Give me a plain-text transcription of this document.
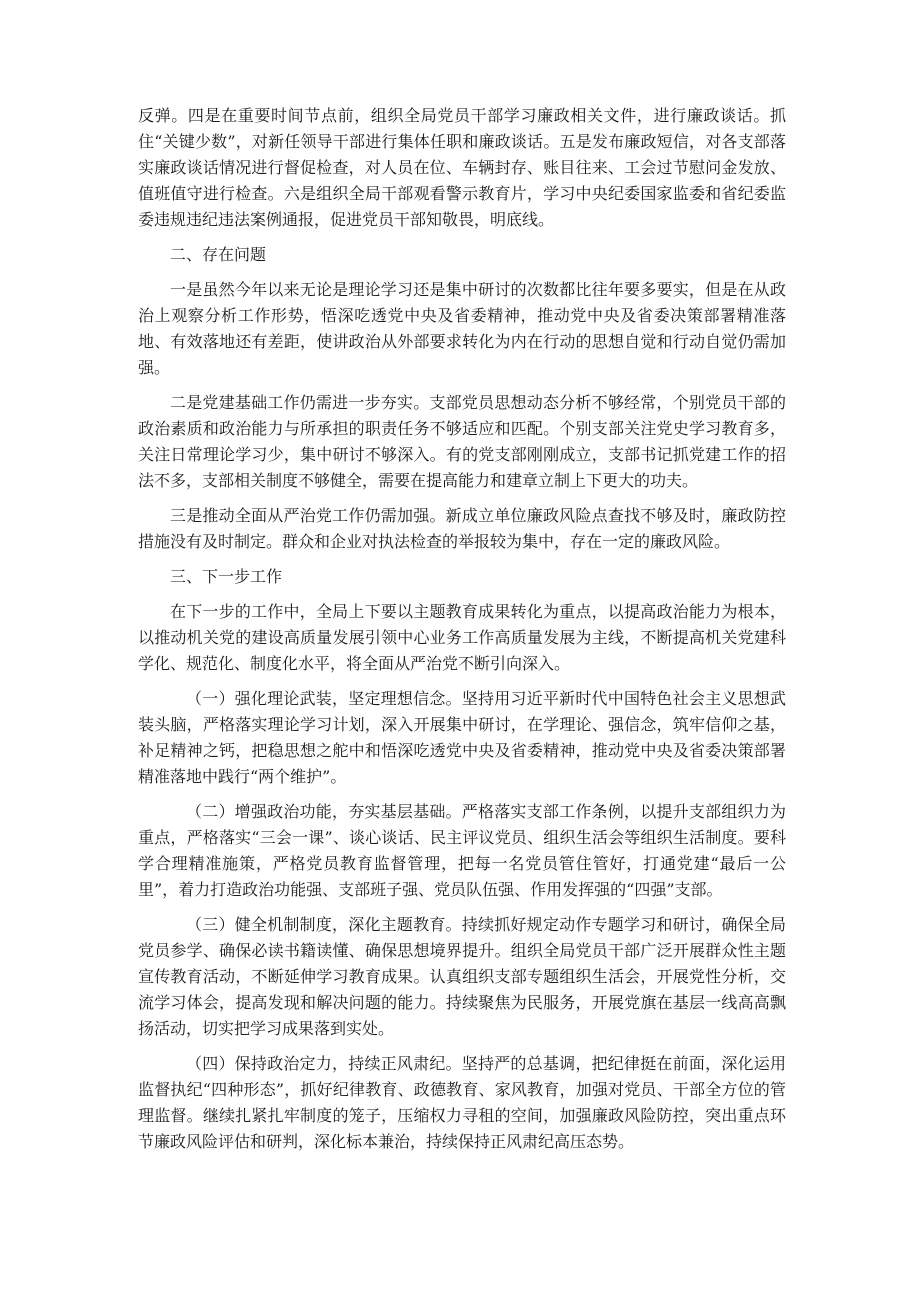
反弹。四是在重要时间节点前，组织全局党员干部学习廉政相关文件，进行廉政谈话。抓住“关键少数”，对新任领导干部进行集体任职和廉政谈话。五是发布廉政短信，对各支部落实廉政谈话情况进行督促检查，对人员在位、车辆封存、账目往来、工会过节慰问金发放、值班值守进行检查。六是组织全局干部观看警示教育片，学习中央纪委国家监委和省纪委监委违规违纪违法案例通报，促进党员干部知敬畏，明底线。

二、存在问题

一是虽然今年以来无论是理论学习还是集中研讨的次数都比往年要多要实，但是在从政治上观察分析工作形势，悟深吃透党中央及省委精神，推动党中央及省委决策部署精准落地、有效落地还有差距，使讲政治从外部要求转化为内在行动的思想自觉和行动自觉仍需加强。

二是党建基础工作仍需进一步夯实。支部党员思想动态分析不够经常，个别党员干部的政治素质和政治能力与所承担的职责任务不够适应和匹配。个别支部关注党史学习教育多，关注日常理论学习少，集中研讨不够深入。有的党支部刚刚成立，支部书记抓党建工作的招法不多，支部相关制度不够健全，需要在提高能力和建章立制上下更大的功夫。

三是推动全面从严治党工作仍需加强。新成立单位廉政风险点查找不够及时，廉政防控措施没有及时制定。群众和企业对执法检查的举报较为集中，存在一定的廉政风险。

三、下一步工作

在下一步的工作中，全局上下要以主题教育成果转化为重点，以提高政治能力为根本，以推动机关党的建设高质量发展引领中心业务工作高质量发展为主线，不断提高机关党建科学化、规范化、制度化水平，将全面从严治党不断引向深入。

（一）强化理论武装，坚定理想信念。坚持用习近平新时代中国特色社会主义思想武装头脑，严格落实理论学习计划，深入开展集中研讨，在学理论、强信念，筑牢信仰之基，补足精神之钙，把稳思想之舵中和悟深吃透党中央及省委精神，推动党中央及省委决策部署精准落地中践行“两个维护”。

（二）增强政治功能，夯实基层基础。严格落实支部工作条例，以提升支部组织力为重点，严格落实“三会一课”、谈心谈话、民主评议党员、组织生活会等组织生活制度。要科学合理精准施策，严格党员教育监督管理，把每一名党员管住管好，打通党建“最后一公里”，着力打造政治功能强、支部班子强、党员队伍强、作用发挥强的“四强”支部。

（三）健全机制制度，深化主题教育。持续抓好规定动作专题学习和研讨，确保全局党员参学、确保必读书籍读懂、确保思想境界提升。组织全局党员干部广泛开展群众性主题宣传教育活动，不断延伸学习教育成果。认真组织支部专题组织生活会，开展党性分析，交流学习体会，提高发现和解决问题的能力。持续聚焦为民服务，开展党旗在基层一线高高飘扬活动，切实把学习成果落到实处。

（四）保持政治定力，持续正风肃纪。坚持严的总基调，把纪律挺在前面，深化运用监督执纪“四种形态”，抓好纪律教育、政德教育、家风教育，加强对党员、干部全方位的管理监督。继续扎紧扎牢制度的笼子，压缩权力寻租的空间，加强廉政风险防控，突出重点环节廉政风险评估和研判，深化标本兼治，持续保持正风肃纪高压态势。
